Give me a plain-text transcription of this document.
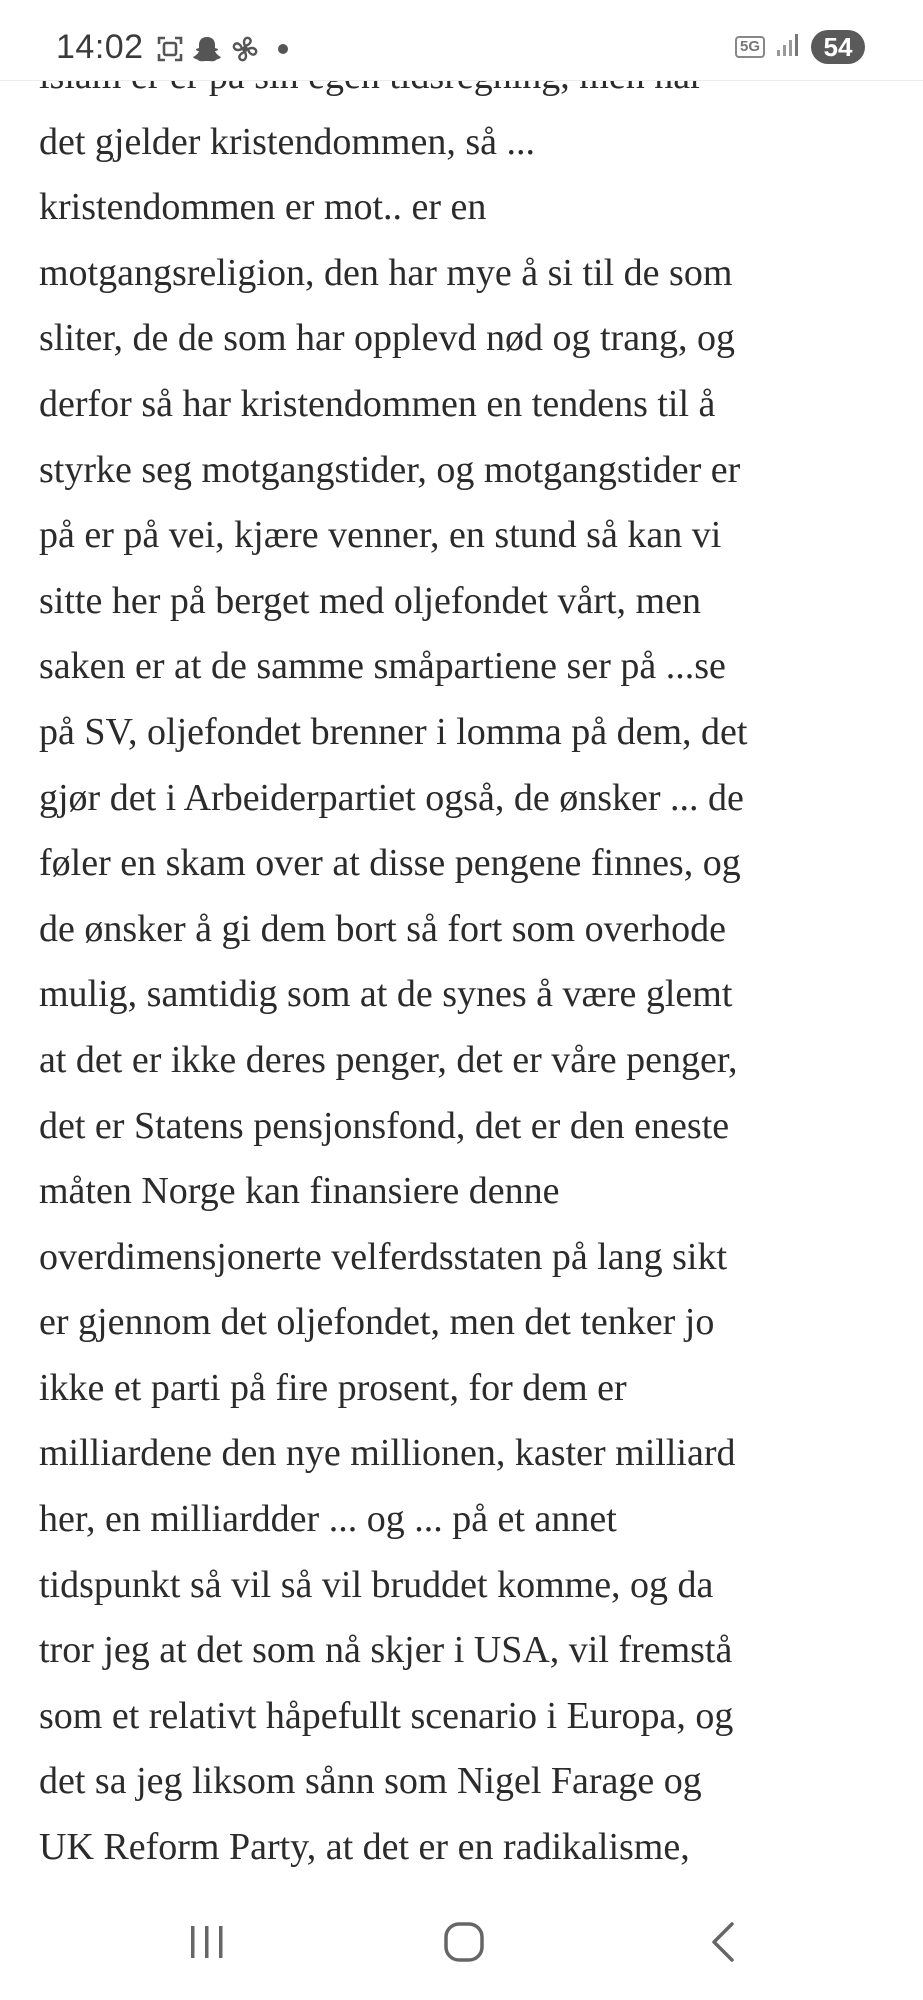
14:02	5G	54

det gjelder kristendommen, så ...
kristendommen er mot.. er en
motgangsreligion, den har mye å si til de som
sliter, de de som har opplevd nød og trang, og
derfor så har kristendommen en tendens til å
styrke seg motgangstider, og motgangstider er
på er på vei, kjære venner, en stund så kan vi
sitte her på berget med oljefondet vårt, men
saken er at de samme småpartiene ser på ...se
på SV, oljefondet brenner i lomma på dem, det
gjør det i Arbeiderpartiet også, de ønsker ... de
føler en skam over at disse pengene finnes, og
de ønsker å gi dem bort så fort som overhode
mulig, samtidig som at de synes å være glemt
at det er ikke deres penger, det er våre penger,
det er Statens pensjonsfond, det er den eneste
måten Norge kan finansiere denne
overdimensjonerte velferdsstaten på lang sikt
er gjennom det oljefondet, men det tenker jo
ikke et parti på fire prosent, for dem er
milliardene den nye millionen, kaster milliard
her, en milliardder ... og ... på et annet
tidspunkt så vil så vil bruddet komme, og da
tror jeg at det som nå skjer i USA, vil fremstå
som et relativt håpefullt scenario i Europa, og
det sa jeg liksom sånn som Nigel Farage og
UK Reform Party, at det er en radikalisme,
